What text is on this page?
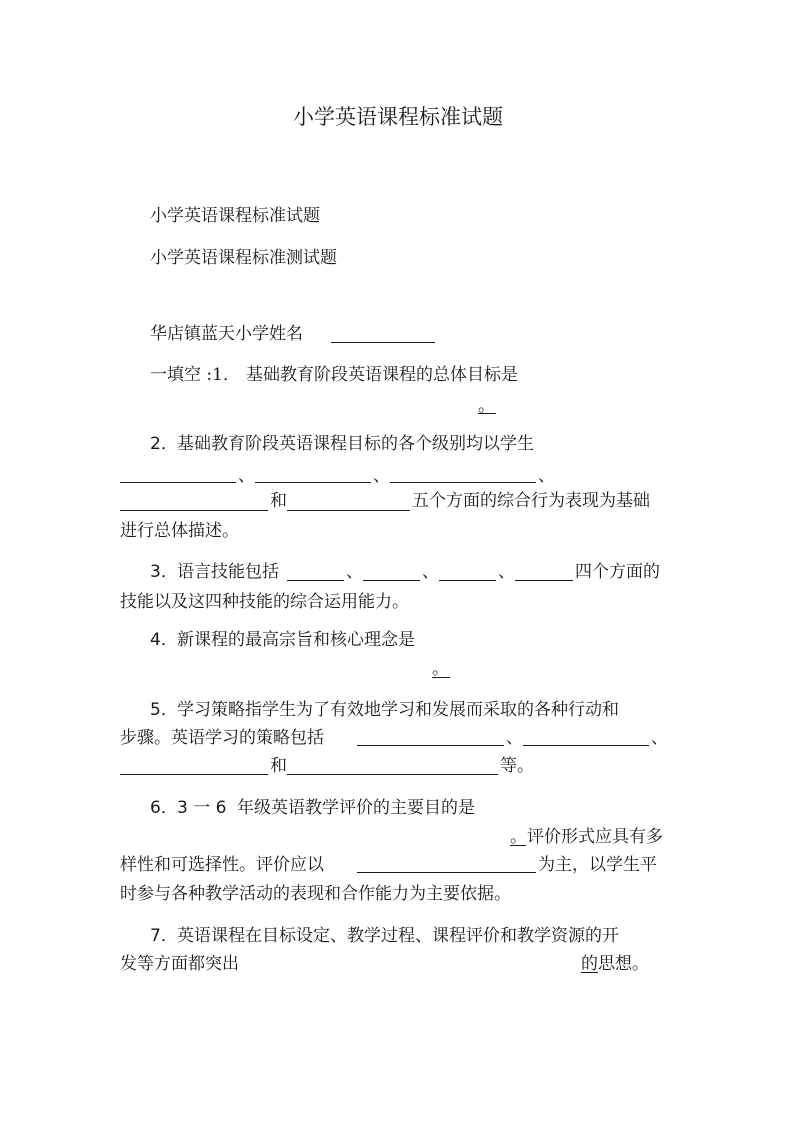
小学英语课程标准试题
小学英语课程标准试题
小学英语课程标准测试题
华店镇蓝天小学姓名
一填空 :1． 基础教育阶段英语课程的总体目标是
。
2． 基础教育阶段英语课程目标的各个级别均以学生
、	、	、
和	五个方面的综合行为表现为基础
进行总体描述。
3． 语言技能包括	、	、	、	四个方面的
技能以及这四种技能的综合运用能力。
4． 新课程的最高宗旨和核心理念是
。
5． 学习策略指学生为了有效地学习和发展而采取的各种行动和
步骤。英语学习的策略包括	、	、
和	等。
6． 3 一 6 年级英语教学评价的主要目的是
。 评价形式应具有多
样性和可选择性。评价应以	为主，以学生平
时参与各种教学活动的表现和合作能力为主要依据。
7． 英语课程在目标设定、教学过程、课程评价和教学资源的开
发等方面都突出	的 思想。
